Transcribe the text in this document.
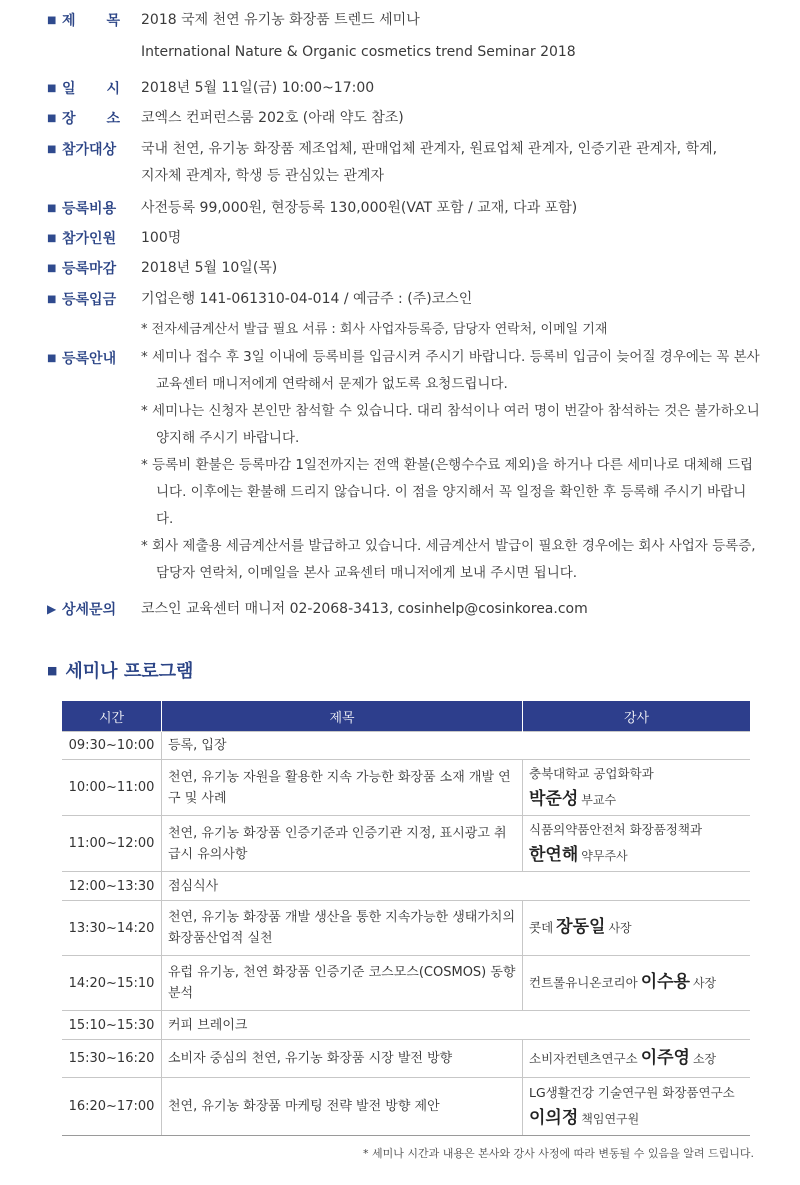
■ 제 목 2018 국제 천연 유기농 화장품 트렌드 세미나
International Nature & Organic cosmetics trend Seminar 2018
■ 일 시 2018년 5월 11일(금) 10:00~17:00
■ 장 소 코엑스 컨퍼런스룸 202호 (아래 약도 참조)
■ 참가대상 국내 천연, 유기농 화장품 제조업체, 판매업체 관계자, 원료업체 관계자, 인증기관 관계자, 학계,
지자체 관계자, 학생 등 관심있는 관계자
■ 등록비용 사전등록 99,000원, 현장등록 130,000원(VAT 포함 / 교재, 다과 포함)
■ 참가인원 100명
■ 등록마감 2018년 5월 10일(목)
■ 등록입금 기업은행 141-061310-04-014 / 예금주 : (주)코스인
* 전자세금계산서 발급 필요 서류 : 회사 사업자등록증, 담당자 연락처, 이메일 기재
■ 등록안내 * 세미나 접수 후 3일 이내에 등록비를 입금시켜 주시기 바랍니다. 등록비 입금이 늦어질 경우에는 꼭 본사 교육센터 매니저에게 연락해서 문제가 없도록 요청드립니다.
* 세미나는 신청자 본인만 참석할 수 있습니다. 대리 참석이나 여러 명이 번갈아 참석하는 것은 불가하오니 양지해 주시기 바랍니다.
* 등록비 환불은 등록마감 1일전까지는 전액 환불(은행수수료 제외)을 하거나 다른 세미나로 대체해 드립니다. 이후에는 환불해 드리지 않습니다. 이 점을 양지해서 꼭 일정을 확인한 후 등록해 주시기 바랍니다.
* 회사 제출용 세금계산서를 발급하고 있습니다. 세금계산서 발급이 필요한 경우에는 회사 사업자 등록증, 담당자 연락처, 이메일을 본사 교육센터 매니저에게 보내 주시면 됩니다.
▶ 상세문의 코스인 교육센터 매니저 02-2068-3413, cosinhelp@cosinkorea.com
■ 세미나 프로그램
시간	제목	강사
09:30~10:00	등록, 입장	
10:00~11:00	천연, 유기농 자원을 활용한 지속 가능한 화장품 소재 개발 연구 및 사례	충북대학교 공업화학과
박준성 부교수
11:00~12:00	천연, 유기농 화장품 인증기준과 인증기관 지정, 표시광고 취급시 유의사항	식품의약품안전처 화장품정책과
한연해 약무주사
12:00~13:30	점심식사	
13:30~14:20	천연, 유기농 화장품 개발 생산을 통한 지속가능한 생태가치의 화장품산업적 실천	콧데 장동일 사장
14:20~15:10	유럽 유기농, 천연 화장품 인증기준 코스모스(COSMOS) 동향 분석	컨트롤유니온코리아 이수용 사장
15:10~15:30	커피 브레이크	
15:30~16:20	소비자 중심의 천연, 유기농 화장품 시장 발전 방향	소비자컨텐츠연구소 이주영 소장
16:20~17:00	천연, 유기농 화장품 마케팅 전략 발전 방향 제안	LG생활건강 기술연구원 화장품연구소
이의정 책임연구원
* 세미나 시간과 내용은 본사와 강사 사정에 따라 변동될 수 있음을 알려 드립니다.
